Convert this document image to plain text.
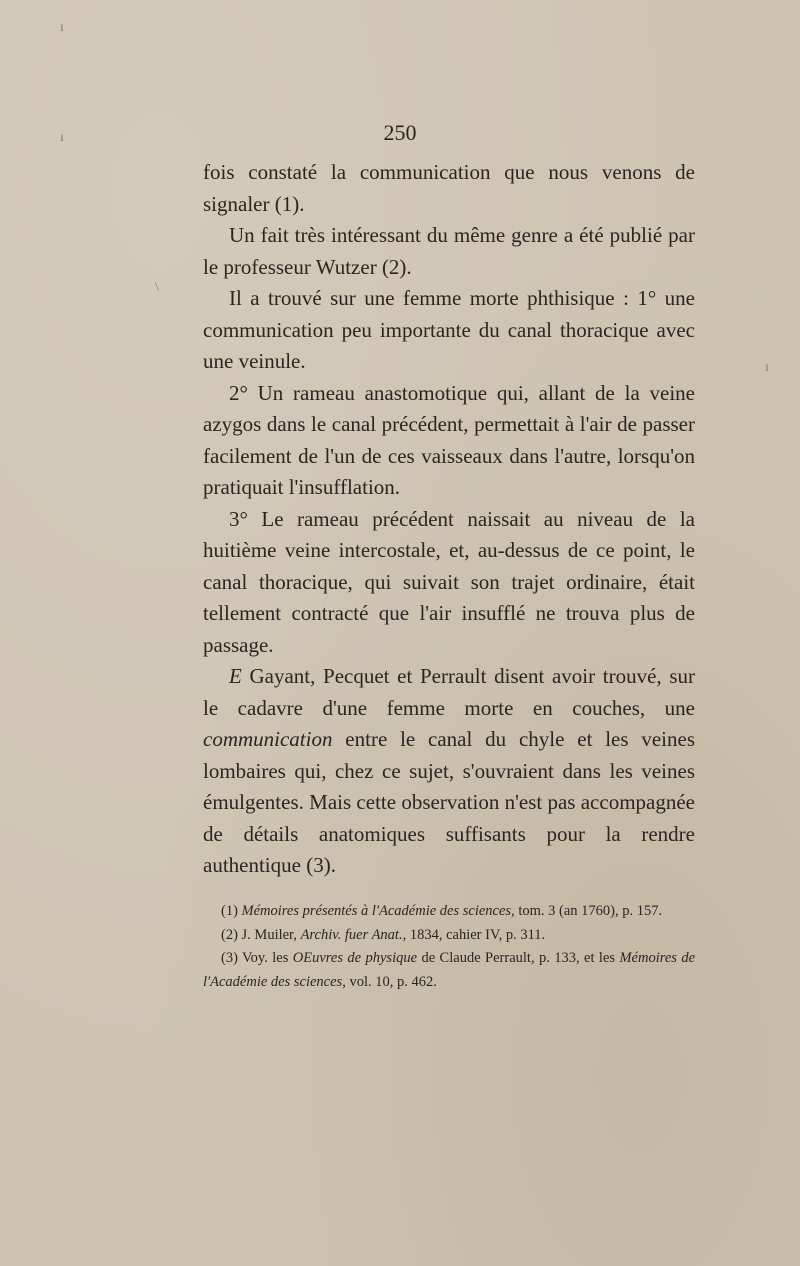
ı
ı
\
ı
250

fois constaté la communication que nous venons de signaler (1).

Un fait très intéressant du même genre a été publié par le professeur Wutzer (2).

Il a trouvé sur une femme morte phthisique : 1° une communication peu importante du canal thoracique avec une veinule.

2° Un rameau anastomotique qui, allant de la veine azygos dans le canal précédent, permettait à l'air de passer facilement de l'un de ces vaisseaux dans l'autre, lorsqu'on pratiquait l'insufflation.

3° Le rameau précédent naissait au niveau de la huitième veine intercostale, et, au-dessus de ce point, le canal thoracique, qui suivait son trajet ordinaire, était tellement contracté que l'air insufflé ne trouva plus de passage.

E Gayant, Pecquet et Perrault disent avoir trouvé, sur le cadavre d'une femme morte en couches, une communication entre le canal du chyle et les veines lombaires qui, chez ce sujet, s'ouvraient dans les veines émulgentes. Mais cette observation n'est pas accompagnée de détails anatomiques suffisants pour la rendre authentique (3).

(1) Mémoires présentés à l'Académie des sciences, tom. 3 (an 1760), p. 157.

(2) J. Muiler, Archiv. fuer Anat., 1834, cahier IV, p. 311.

(3) Voy. les OEuvres de physique de Claude Perrault, p. 133, et les Mémoires de l'Académie des sciences, vol. 10, p. 462.
